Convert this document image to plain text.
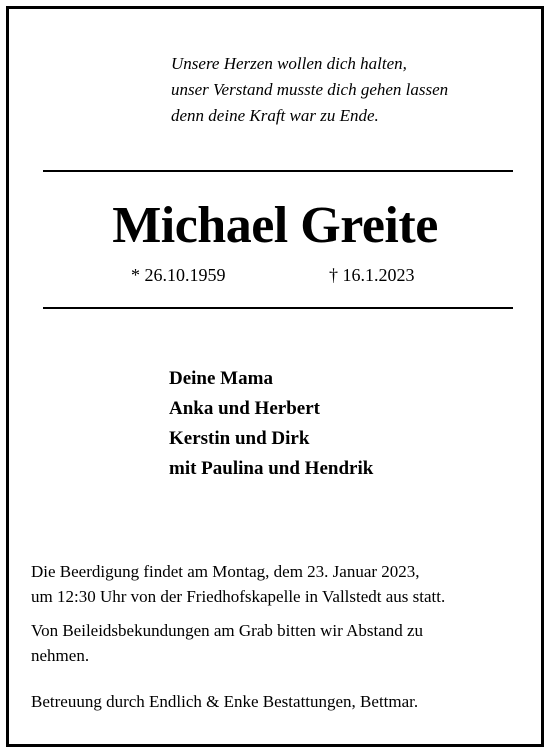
Unsere Herzen wollen dich halten,
unser Verstand musste dich gehen lassen
denn deine Kraft war zu Ende.
Michael Greite
* 26.10.1959	† 16.1.2023
Deine Mama
Anka und Herbert
Kerstin und Dirk
mit Paulina und Hendrik
Die Beerdigung findet am Montag, dem 23. Januar 2023,
um 12:30 Uhr von der Friedhofskapelle in Vallstedt aus statt.
Von Beileidsbekundungen am Grab bitten wir Abstand zu
nehmen.
Betreuung durch Endlich & Enke Bestattungen, Bettmar.
